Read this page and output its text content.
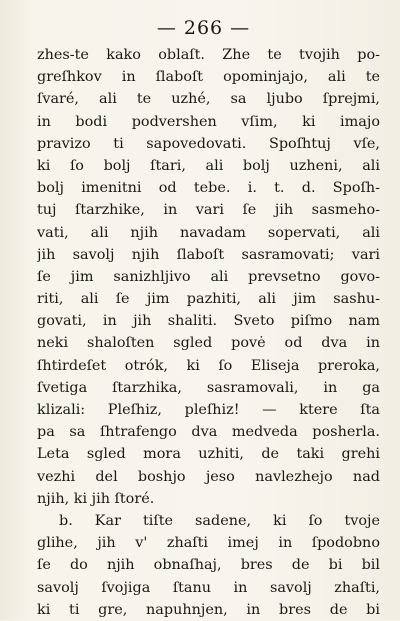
— 266 —
zhes-te kako oblaſt. Zhe te tvojih po-
greſhkov in ſlaboſt opominjajo, ali te
ſvaré, ali te uzhé, sa ljubo ſprejmi,
in bodi podvershen vſim, ki imajo
pravizo ti sapovedovati. Spoſhtuj vſe,
ki ſo bolj ſtari, ali bolj uzheni, ali
bolj imenitni od tebe. i. t. d. Spoſh-
tuj ſtarzhike, in vari ſe jih sasmeho-
vati, ali njih navadam sopervati, ali
jih savolj njih ſlaboſt sasramovati; vari
ſe jim sanizhljivo ali prevsetno govo-
riti, ali ſe jim pazhiti, ali jim sashu-
govati, in jih shaliti. Sveto piſmo nam
neki shaloſten sgled povė od dva in
ſhtirdeſet otrók, ki ſo Eliseja preroka,
ſvetiga ſtarzhika, sasramovali, in ga
klizali: Pleſhiz, pleſhiz! — ktere ſta
pa sa ſhtrafengo dva medveda posherla.
Leta sgled mora uzhiti, de taki grehi
vezhi del boshjo jeso navlezhejo nad
njih, ki jih ſtoré.
b. Kar tiſte sadene, ki ſo tvoje
glihe, jih v' zhaſti imej in ſpodobno
ſe do njih obnaſhaj, bres de bi bil
savolj ſvojiga ſtanu in savolj zhaſti,
ki ti gre, napuhnjen, in bres de bi
